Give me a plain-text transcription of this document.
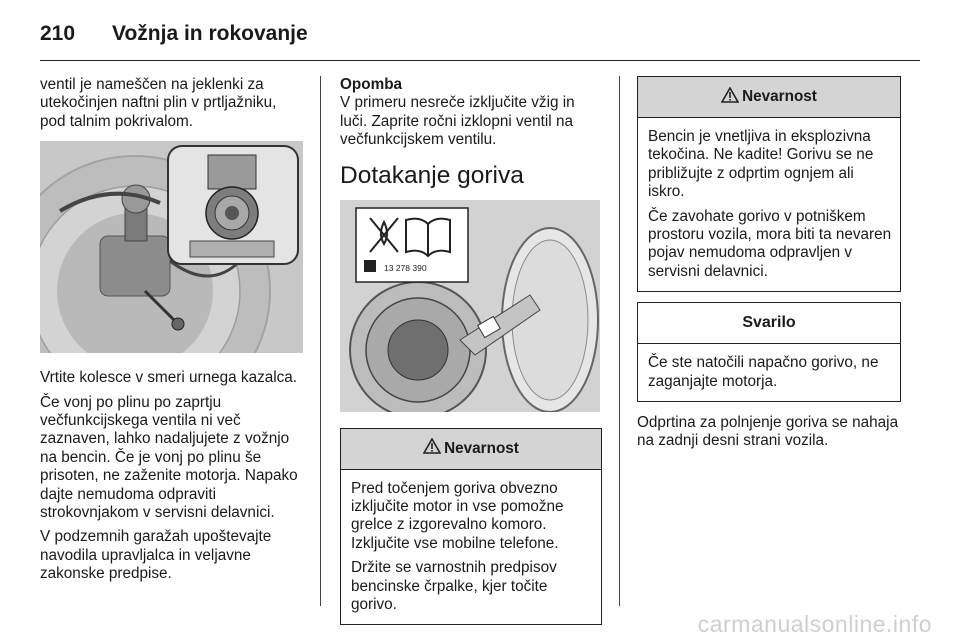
210 Vožnja in rokovanje

ventil je nameščen na jeklenki za utekočinjen naftni plin v prtljažniku, pod talnim pokrivalom.

Vrtite kolesce v smeri urnega kazalca.

Če vonj po plinu po zaprtju večfunkcijskega ventila ni več zaznaven, lahko nadaljujete z vožnjo na bencin. Če je vonj po plinu še prisoten, ne zaženite motorja. Napako dajte nemudoma odpraviti strokovnjakom v servisni delavnici.

V podzemnih garažah upoštevajte navodila upravljalca in veljavne zakonske predpise.

Opomba

V primeru nesreče izključite vžig in luči. Zaprite ročni izklopni ventil na večfunkcijskem ventilu.

Dotakanje goriva
13 278 390
Nevarnost

Pred točenjem goriva obvezno izključite motor in vse pomožne grelce z izgorevalno komoro. Izključite vse mobilne telefone.

Držite se varnostnih predpisov bencinske črpalke, kjer točite gorivo.

Nevarnost

Bencin je vnetljiva in eksplozivna tekočina. Ne kadite! Gorivu se ne približujte z odprtim ognjem ali iskro.

Če zavohate gorivo v potniškem prostoru vozila, mora biti ta nevaren pojav nemudoma odpravljen v servisni delavnici.

Svarilo

Če ste natočili napačno gorivo, ne zaganjajte motorja.

Odprtina za polnjenje goriva se nahaja na zadnji desni strani vozila.

carmanualsonline.info
